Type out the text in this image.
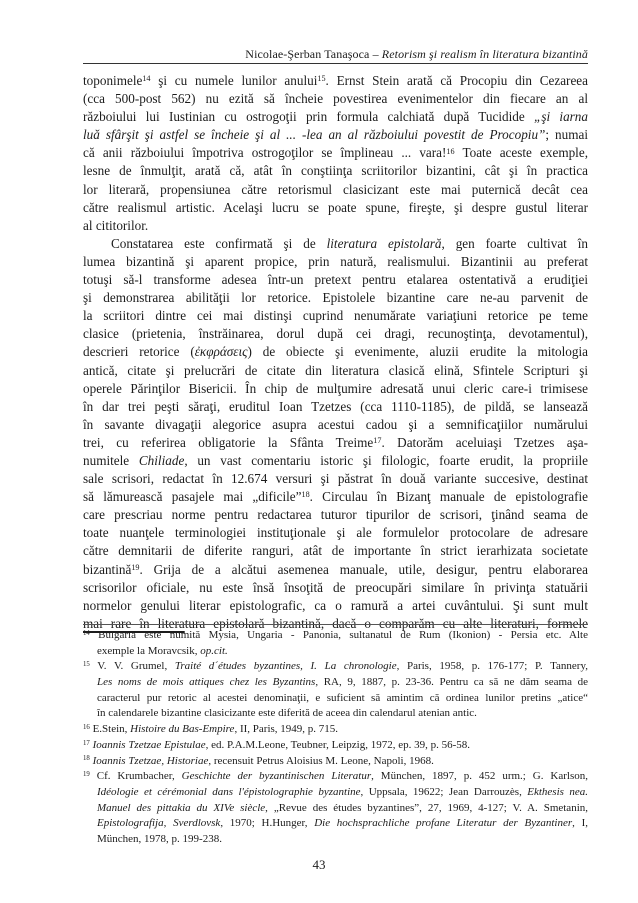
Nicolae-Şerban Tanaşoca – Retorism şi realism în literatura bizantină
toponimele$^{14}$ şi cu numele lunilor anului$^{15}$. Ernst Stein arată că Procopiu din Cezareea
(cca 500-post 562) nu ezită să încheie povestirea evenimentelor din fiecare an al
războiului lui Iustinian cu ostrogoţii prin formula calchiată după Tucidide „şi iarna
luă sfârşit şi astfel se încheie şi al ... -lea an al războiului povestit de Procopiu”; numai
că anii războiului împotriva ostrogoţilor se împlineau ... vara!$^{16}$ Toate aceste exemple,
lesne de înmulţit, arată că, atât în conştiinţa scriitorilor bizantini, cât şi în practica
lor literară, propensiunea către retorismul clasicizant este mai puternică decât cea
către realismul artistic. Acelaşi lucru se poate spune, fireşte, şi despre gustul literar
al cititorilor.
Constatarea este confirmată şi de literatura epistolară, gen foarte cultivat în
lumea bizantină şi aparent propice, prin natură, realismului. Bizantinii au preferat
totuşi să-l transforme adesea într-un pretext pentru etalarea ostentativă a erudiţiei
şi demonstrarea abilităţii lor retorice. Epistolele bizantine care ne-au parvenit de
la scriitori dintre cei mai distinşi cuprind nenumărate variaţiuni retorice pe teme
clasice (prietenia, înstrăinarea, dorul după cei dragi, recunoştinţa, devotamentul),
descrieri retorice (ἐκφράσεις) de obiecte şi evenimente, aluzii erudite la mitologia
antică, citate şi prelucrări de citate din literatura clasică elină, Sfintele Scripturi şi
operele Părinţilor Bisericii. În chip de mulţumire adresată unui cleric care-i trimisese
în dar trei peşti săraţi, eruditul Ioan Tzetzes (cca 1110-1185), de pildă, se lansează
în savante divagaţii alegorice asupra acestui cadou şi a semnificaţiilor numărului
trei, cu referirea obligatorie la Sfânta Treime$^{17}$. Datorăm aceluiaşi Tzetzes aşa-
numitele Chiliade, un vast comentariu istoric şi filologic, foarte erudit, la propriile
sale scrisori, redactat în 12.674 versuri şi păstrat în două variante succesive, destinat
să lămurească pasajele mai „dificile”$^{18}$. Circulau în Bizanţ manuale de epistolografie
care prescriau norme pentru redactarea tuturor tipurilor de scrisori, ţinând seama de
toate nuanţele terminologiei instituţionale şi ale formulelor protocolare de adresare
către demnitarii de diferite ranguri, atât de importante în strict ierarhizata societate
bizantină$^{19}$. Grija de a alcătui asemenea manuale, utile, desigur, pentru elaborarea
scrisorilor oficiale, nu este însă însoţită de preocupări similare în privinţa statuării
normelor genului literar epistolografic, ca o ramură a artei cuvântului. Şi sunt mult
mai rare în literatura epistolară bizantină, dacă o comparăm cu alte literaturi, formele
$^{14}$ Bulgaria este numită Mysia, Ungaria - Panonia, sultanatul de Rum (Ikonion) - Persia etc. Alte
exemple la Moravcsik, op.cit.
$^{15}$ V. V. Grumel, Traité d´études byzantines, I. La chronologie, Paris, 1958, p. 176-177; P. Tannery,
Les noms de mois attiques chez les Byzantins, RA, 9, 1887, p. 23-36. Pentru ca să ne dăm seama de
caracterul pur retoric al acestei denominaţii, e suficient să amintim că ordinea lunilor pretins „atice“
în calendarele bizantine clasicizante este diferită de aceea din calendarul atenian antic.
$^{16}$ E.Stein, Histoire du Bas-Empire, II, Paris, 1949, p. 715.
$^{17}$ Ioannis Tzetzae Epistulae, ed. P.A.M.Leone, Teubner, Leipzig, 1972, ep. 39, p. 56-58.
$^{18}$ Ioannis Tzetzae, Historiae, recensuit Petrus Aloisius M. Leone, Napoli, 1968.
$^{19}$ Cf. Krumbacher, Geschichte der byzantinischen Literatur, München, 1897, p. 452 urm.; G. Karlson,
Idéologie et cérémonial dans l'épistolographie byzantine, Uppsala, 19622; Jean Darrouzès, Ekthesis nea.
Manuel des pittakia du XIVe siècle, „Revue des études byzantines”, 27, 1969, 4-127; V. A. Smetanin,
Epistolografija, Sverdlovsk, 1970; H.Hunger, Die hochsprachliche profane Literatur der Byzantiner, I,
München, 1978, p. 199-238.
43
